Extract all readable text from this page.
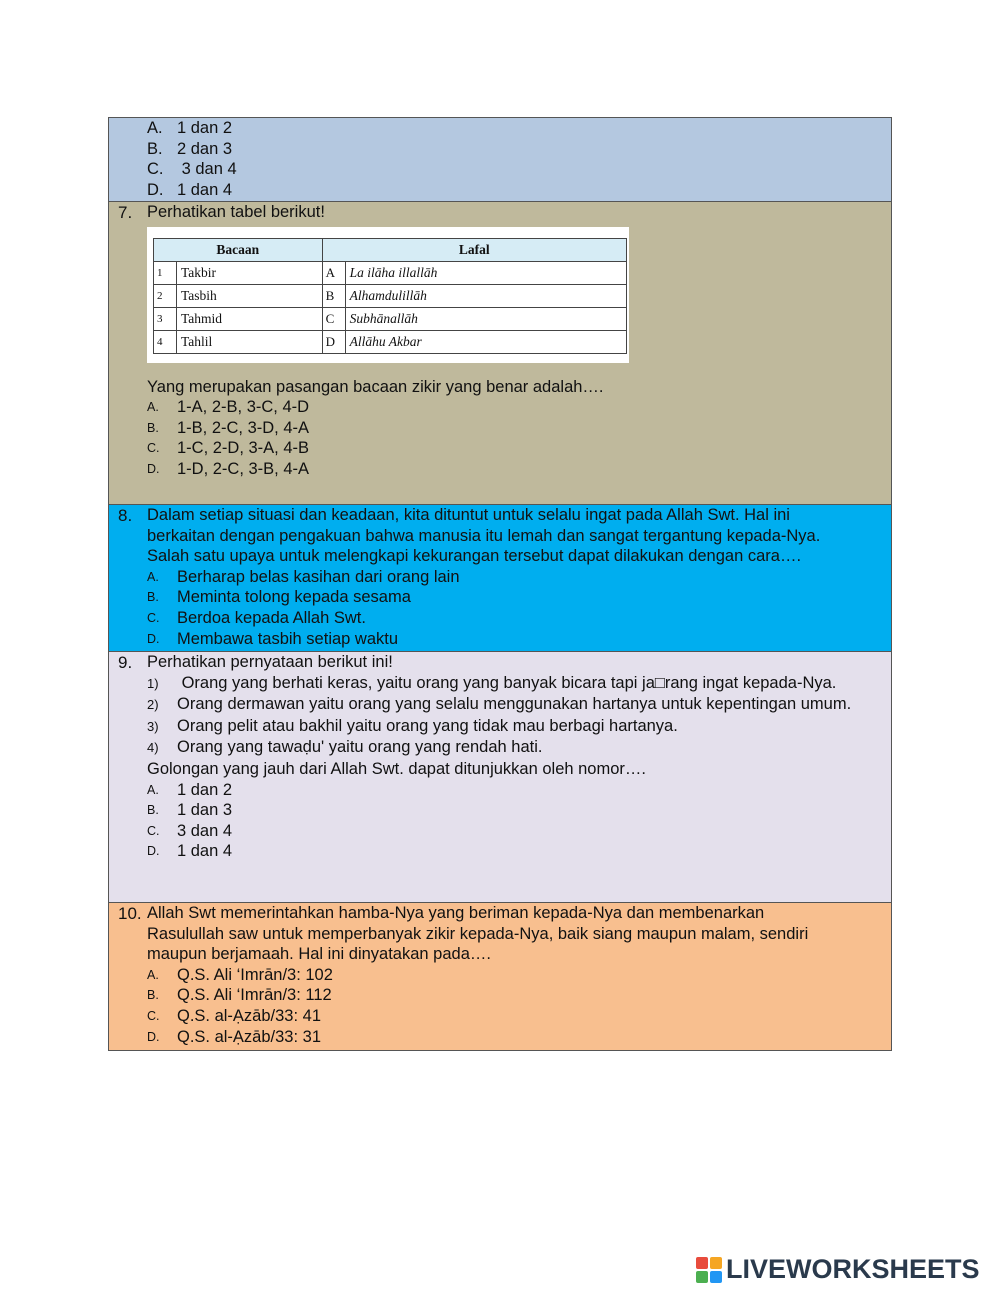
A. 1 dan 2
B. 2 dan 3
C. 3 dan 4
D. 1 dan 4
7. Perhatikan tabel berikut!
Bacaan		Lafal	
1	Takbir	A	La ilāha illallāh
2	Tasbih	B	Alhamdulillāh
3	Tahmid	C	Subhānallāh
4	Tahlil	D	Allāhu Akbar
Yang merupakan pasangan bacaan zikir yang benar adalah….
A.	1-A, 2-B, 3-C, 4-D
B.	1-B, 2-C, 3-D, 4-A
C.	1-C, 2-D, 3-A, 4-B
D.	1-D, 2-C, 3-B, 4-A
8. Dalam setiap situasi dan keadaan, kita dituntut untuk selalu ingat pada Allah Swt. Hal ini
berkaitan dengan pengakuan bahwa manusia itu lemah dan sangat tergantung kepada-Nya.
Salah satu upaya untuk melengkapi kekurangan tersebut dapat dilakukan dengan cara….
A.	Berharap belas kasihan dari orang lain
B.	Meminta tolong kepada sesama
C.	Berdoa kepada Allah Swt.
D.	Membawa tasbih setiap waktu
9. Perhatikan pernyataan berikut ini!
1)	Orang yang berhati keras, yaitu orang yang banyak bicara tapi ja□rang ingat kepada-Nya.
2)	Orang dermawan yaitu orang yang selalu menggunakan hartanya untuk kepentingan umum.
3)	Orang pelit atau bakhil yaitu orang yang tidak mau berbagi hartanya.
4)	Orang yang tawaḍu' yaitu orang yang rendah hati.
Golongan yang jauh dari Allah Swt. dapat ditunjukkan oleh nomor….
A.	1 dan 2
B.	1 dan 3
C.	3 dan 4
D.	1 dan 4
10. Allah Swt memerintahkan hamba-Nya yang beriman kepada-Nya dan membenarkan
Rasulullah saw untuk memperbanyak zikir kepada-Nya, baik siang maupun malam, sendiri
maupun berjamaah. Hal ini dinyatakan pada….
A.	Q.S. Ali ‘Imrān/3: 102
B.	Q.S. Ali ‘Imrān/3: 112
C.	Q.S. al-Ạzāb/33: 41
D.	Q.S. al-Ạzāb/33: 31
LIVEWORKSHEETS
